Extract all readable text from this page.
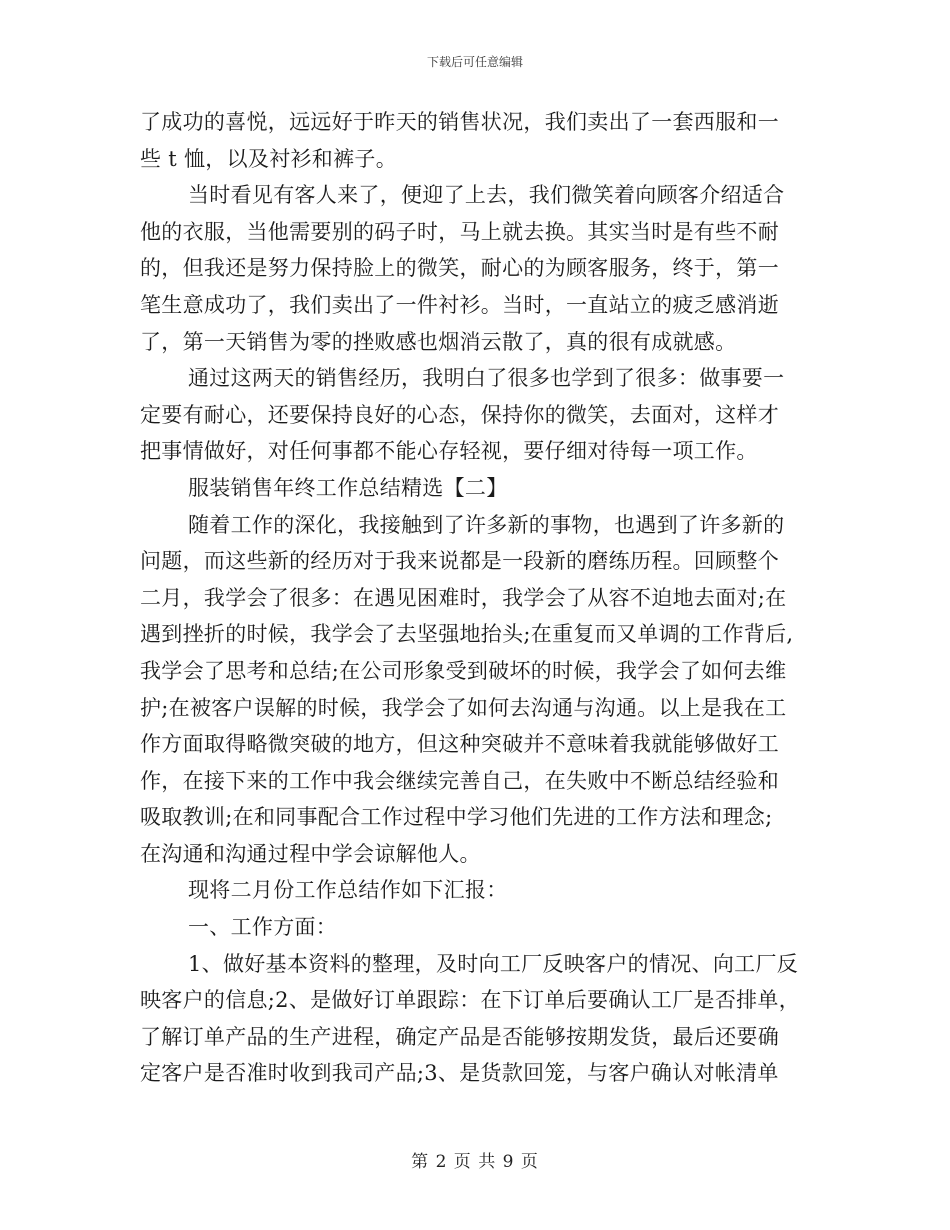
下载后可任意编辑
了成功的喜悦，远远好于昨天的销售状况，我们卖出了一套西服和一
些 t 恤，以及衬衫和裤子。
当时看见有客人来了，便迎了上去，我们微笑着向顾客介绍适合
他的衣服，当他需要别的码子时，马上就去换。其实当时是有些不耐
的，但我还是努力保持脸上的微笑，耐心的为顾客服务，终于，第一
笔生意成功了，我们卖出了一件衬衫。当时，一直站立的疲乏感消逝
了，第一天销售为零的挫败感也烟消云散了，真的很有成就感。
通过这两天的销售经历，我明白了很多也学到了很多：做事要一
定要有耐心，还要保持良好的心态，保持你的微笑，去面对，这样才
把事情做好，对任何事都不能心存轻视，要仔细对待每一项工作。
服装销售年终工作总结精选【二】
随着工作的深化，我接触到了许多新的事物，也遇到了许多新的
问题，而这些新的经历对于我来说都是一段新的磨练历程。回顾整个
二月，我学会了很多：在遇见困难时，我学会了从容不迫地去面对;在
遇到挫折的时候，我学会了去坚强地抬头;在重复而又单调的工作背后,
我学会了思考和总结;在公司形象受到破坏的时候，我学会了如何去维
护;在被客户误解的时候，我学会了如何去沟通与沟通。以上是我在工
作方面取得略微突破的地方，但这种突破并不意味着我就能够做好工
作，在接下来的工作中我会继续完善自己，在失败中不断总结经验和
吸取教训;在和同事配合工作过程中学习他们先进的工作方法和理念;
在沟通和沟通过程中学会谅解他人。
现将二月份工作总结作如下汇报：
一、工作方面：
1、做好基本资料的整理，及时向工厂反映客户的情况、向工厂反
映客户的信息;2、是做好订单跟踪：在下订单后要确认工厂是否排单，
了解订单产品的生产进程，确定产品是否能够按期发货，最后还要确
定客户是否准时收到我司产品;3、是货款回笼，与客户确认对帐清单
第 2 页 共 9 页
